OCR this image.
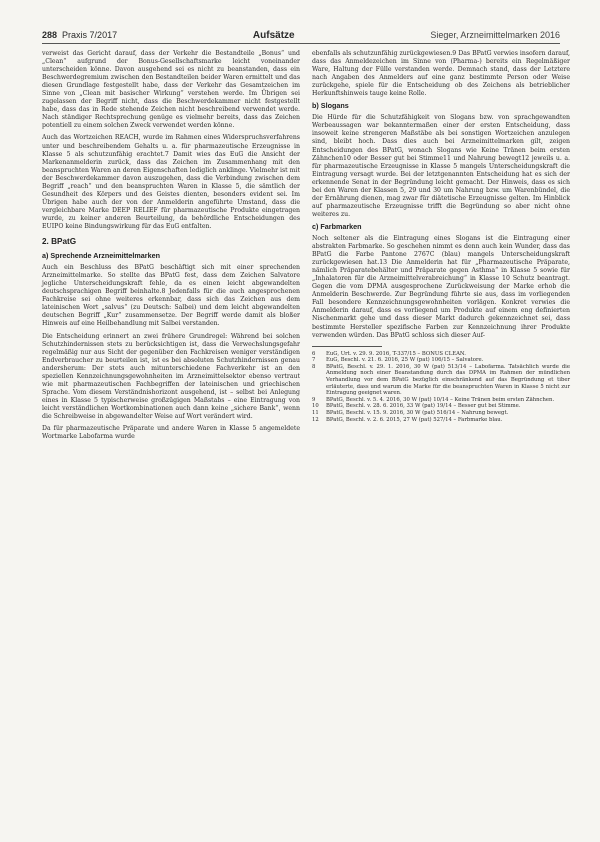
288 Praxis 7/2017	Aufsätze	Sieger, Arzneimittelmarken 2016

verweist das Gericht darauf, dass der Verkehr die Bestandteile „Bonus“ und „Clean“ aufgrund der Bonus-Gesellschaftsmarke leicht voneinander unterscheiden könne. Davon ausgehend sei es nicht zu beanstanden, dass ein Beschwerdegremium zwischen den Bestandteilen beider Waren ermittelt und das diesen Grundlage festgestellt habe, dass der Verkehr das Gesamtzeichen im Sinne von „Clean mit basischer Wirkung“ verstehen werde. Im Übrigen sei zugelassen der Begriff nicht, dass die Beschwerdekammer nicht festgestellt habe, dass das in Rede stehende Zeichen nicht beschreibend verwendet werde. Nach ständiger Rechtsprechung genüge es vielmehr bereits, dass das Zeichen potentiell zu einem solchen Zweck verwendet werden könne.

Auch das Wortzeichen REACH, wurde im Rahmen eines Widerspruchsverfahrens unter und beschreibendem Gehalts u. a. für pharmazeutische Erzeugnisse in Klasse 5 als schutzunfähig erachtet.7 Damit wies das EuG die Ansicht der Markenanmelderin zurück, dass das Zeichen im Zusammenhang mit den beanspruchten Waren an deren Eigenschaften lediglich anklinge. Vielmehr ist mit der Beschwerdekammer davon auszugehen, dass die Verbindung zwischen dem Begriff „reach“ und den beanspruchten Waren in Klasse 5, die sämtlich der Gesundheit des Körpers und des Geistes dienten, besonders evident sei. Im Übrigen habe auch der von der Anmelderin angeführte Umstand, dass die vergleichbare Marke DEEP RELIEF für pharmazeutische Produkte eingetragen wurde, zu keiner anderen Beurteilung, da behördliche Entscheidungen des EUIPO keine Bindungswirkung für das EuG entfalten.

2. BPatG
a) Sprechende Arzneimittelmarken

Auch ein Beschluss des BPatG beschäftigt sich mit einer sprechenden Arzneimittelmarke. So stellte das BPatG fest, dass dem Zeichen Salvatore jegliche Unterscheidungskraft fehle, da es einen leicht abgewandelten deutschsprachigen Begriff beinhalte.8 Jedenfalls für die auch angesprochenen Fachkreise sei ohne weiteres erkennbar, dass sich das Zeichen aus dem lateinischen Wort „salvus“ (zu Deutsch: Salbei) und dem leicht abgewandelten deutschen Begriff „Kur“ zusammensetze. Der Begriff werde damit als bloßer Hinweis auf eine Heilbehandlung mit Salbei verstanden.

Die Entscheidung erinnert an zwei frühere Grundregel: Während bei solchen Schutzhindernissen stets zu berücksichtigen ist, dass die Verwechslungsgefahr regelmäßig nur aus Sicht der gegenüber den Fachkreisen weniger verständigen Endverbraucher zu beurteilen ist, ist es bei absoluten Schutzhindernissen genau andersherum: Der stets auch mitunterschiedene Fachverkehr ist an den speziellen Kennzeichnungsgewohnheiten im Arzneimittelsektor ebenso vertraut wie mit pharmazeutischen Fachbegriffen der lateinischen und griechischen Sprache. Vom diesem Verständnishorizont ausgehend, ist – selbst bei Anlegung eines in Klasse 5 typischerweise großzügigen Maßstabs – eine Eintragung von leicht verständlichen Wortkombinationen auch dann keine „sichere Bank“, wenn die Schreibweise in abgewandelter Weise auf Wort verändert wird.

Da für pharmazeutische Präparate und andere Waren in Klasse 5 angemeldete Wortmarke Labofarma wurde

ebenfalls als schutzunfähig zurückgewiesen.9 Das BPatG verwies insofern darauf, dass das Anmeldezeichen im Sinne von (Pharma-) bereits ein Regelmäßiger Ware, Haltung der Fülle verstanden werde. Demnach stand, dass der Letztere nach Angaben des Anmelders auf eine ganz bestimmte Person oder Weise zurückgehe, spiele für die Entscheidung ob des Zeichens als betrieblicher Herkunftshinweis tauge keine Rolle.

b) Slogans

Die Hürde für die Schutzfähigkeit von Slogans bzw. von sprachgewandten Werbeaussagen war bekanntermaßen einer der ersten Entscheidung, dass insoweit keine strengeren Maßstäbe als bei sonstigen Wortzeichen anzulegen sind, bleibt hoch. Dass dies auch bei Arzneimittelmarken gilt, zeigen Entscheidungen des BPatG, wonach Slogans wie Keine Tränen beim ersten Zähnchen10 oder Besser gut bei Stimme11 und Nahrung bewegt12 jeweils u. a. für pharmazeutische Erzeugnisse in Klasse 5 mangels Unterscheidungskraft die Eintragung versagt wurde. Bei der letztgenannten Entscheidung hat es sich der erkennende Senat in der Begründung leicht gemacht. Der Hinweis, dass es sich bei den Waren der Klassen 5, 29 und 30 um Nahrung bzw. um Warenbündel, die der Ernährung dienen, mag zwar für diätetische Erzeugnisse gelten. Im Hinblick auf pharmazeutische Erzeugnisse trifft die Begründung so aber nicht ohne weiteres zu.

c) Farbmarken

Noch seltener als die Eintragung eines Slogans ist die Eintragung einer abstrakten Farbmarke. So geschehen nimmt es denn auch kein Wunder, dass das BPatG die Farbe Pantone 2767C (blau) mangels Unterscheidungskraft zurückgewiesen hat.13 Die Anmelderin hat für „Pharmazeutische Präparate, nämlich Präparatebehälter und Präparate gegen Asthma“ in Klasse 5 sowie für „Inhalatoren für die Arzneimittelverabreichung“ in Klasse 10 Schutz beantragt. Gegen die vom DPMA ausgesprochene Zurückweisung der Marke erhob die Anmelderin Beschwerde. Zur Begründung führte sie aus, dass im vorliegenden Fall besondere Kennzeichnungsgewohnheiten vorlägen. Konkret verwies die Anmelderin darauf, dass es vorliegend um Produkte auf einem eng definierten Nischenmarkt gehe und dass dieser Markt dadurch gekennzeichnet sei, dass bestimmte Hersteller spezifische Farben zur Kennzeichnung ihrer Produkte verwenden würden. Das BPatG schloss sich dieser Auf-

6	EuG, Urt. v. 29. 9. 2016, T-337/15 – BONUS CLEAN.
7	EuG, Beschl. v. 21. 6. 2016, 25 W (pat) 106/15 – Salvatore.
8	BPatG, Beschl. v. 29. 1. 2016, 30 W (pat) 513/14 – Labofarma. Tatsächlich wurde die Anmeldung noch einer Beanstandung durch das DPMA im Rahmen der mündlichen Verhandlung vor dem BPatG bezüglich einschränkend auf das Begründung et tiber erläuterte, dass und warum die Marke für die beanspruchten Waren in Klasse 5 nicht zur Eintragung geeignet waren.
9	BPatG, Beschl. v. 5. 4. 2016, 30 W (pat) 10/14 – Keine Tränen beim ersten Zähnchen.
10	BPatG, Beschl. v. 28. 6. 2016, 33 W (pat) 19/14 – Besser gut bei Stimme.
11	BPatG, Beschl. v. 15. 9. 2016, 30 W (pat) 516/14 – Nahrung bewegt.
12	BPatG, Beschl. v. 2. 6. 2015, 27 W (pat) 527/14 – Farbmarke blau.
